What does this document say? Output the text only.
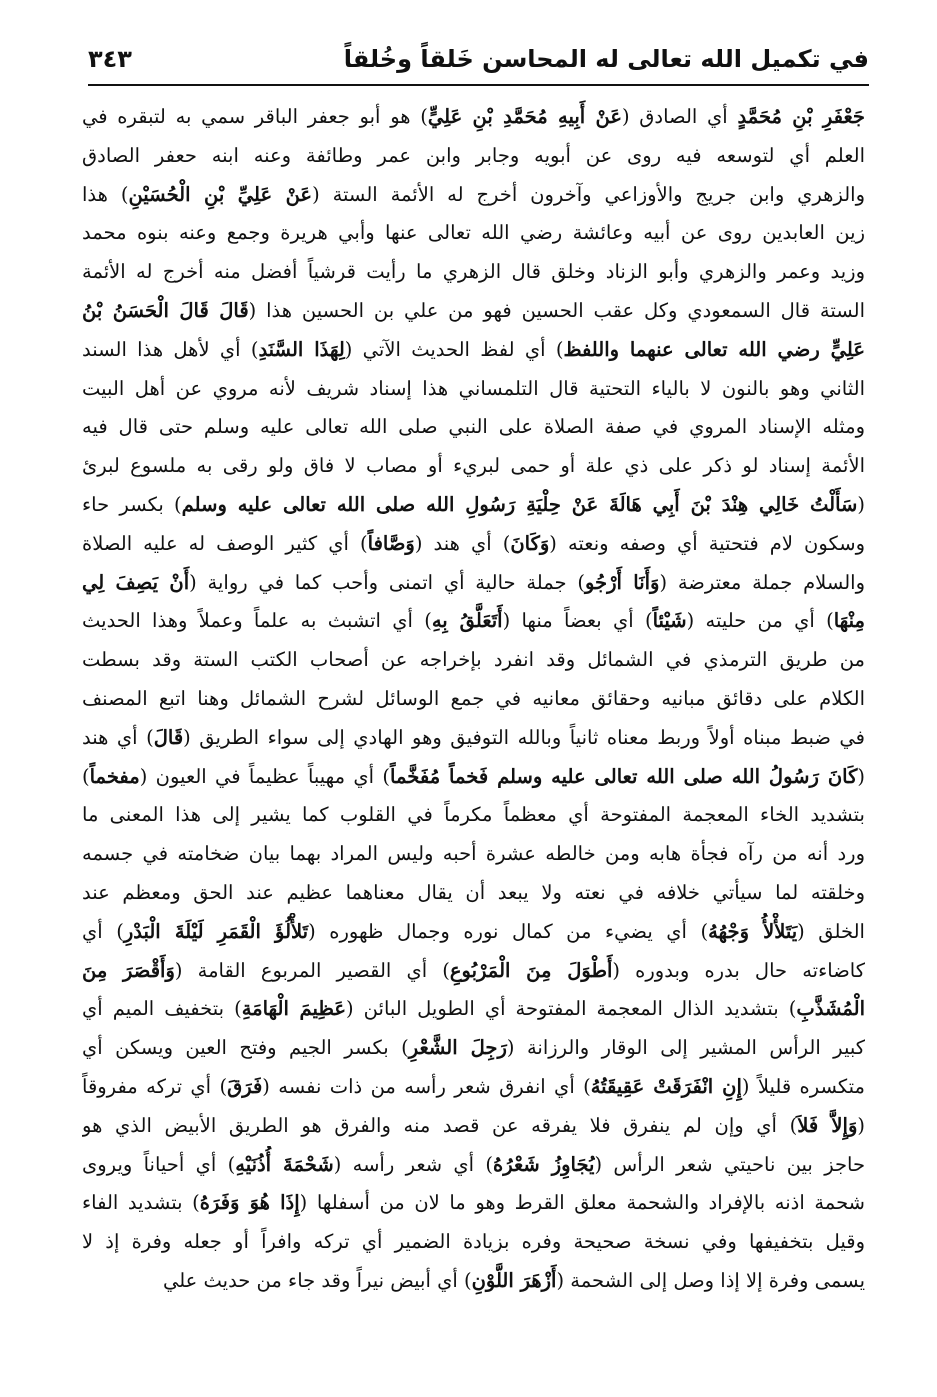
في تكميل الله تعالى له المحاسن خَلقاً وخُلقاً
٣٤٣
جَعْفَرِ بْنِ مُحَمَّدٍ أي الصادق (عَنْ أَبِيهِ مُحَمَّدِ بْنِ عَلِيٍّ) هو أبو جعفر الباقر سمي به لتبقره في
العلم أي لتوسعه فيه روى عن أبويه وجابر وابن عمر وطائفة وعنه ابنه حعفر الصادق
والزهري وابن جريج والأوزاعي وآخرون أخرج له الأئمة الستة (عَنْ عَلِيِّ بْنِ الْحُسَيْنِ) هذا
زين العابدين روى عن أبيه وعائشة رضي الله تعالى عنها وأبي هريرة وجمع وعنه بنوه محمد
وزيد وعمر والزهري وأبو الزناد وخلق قال الزهري ما رأيت قرشياً أفضل منه أخرج له الأئمة
الستة قال السمعودي وكل عقب الحسين فهو من علي بن الحسين هذا (قَالَ قَالَ الْحَسَنُ بْنُ
عَلِيٍّ رضي الله تعالى عنهما واللفظ) أي لفظ الحديث الآتي (لِهَذَا السَّنَدِ) أي لأهل هذا السند
الثاني وهو بالنون لا بالياء التحتية قال التلمساني هذا إسناد شريف لأنه مروي عن أهل البيت
ومثله الإسناد المروي في صفة الصلاة على النبي صلى الله تعالى عليه وسلم حتى قال فيه
الأئمة إسناد لو ذكر على ذي علة أو حمى لبريء أو مصاب لا فاق ولو رقى به ملسوع لبرئ
(سَأَلْتُ خَالِي هِنْدَ بْنَ أَبِي هَالَةَ عَنْ حِلْيَةِ رَسُولِ الله صلى الله تعالى عليه وسلم) بكسر حاء
وسكون لام فتحتية أي وصفه ونعته (وَكَانَ) أي هند (وَصَّافاً) أي كثير الوصف له عليه الصلاة
والسلام جملة معترضة (وَأَنَا أَرْجُو) جملة حالية أي اتمنى وأحب كما في رواية (أَنْ يَصِفَ لِي
مِنْهَا) أي من حليته (شَيْئاً) أي بعضاً منها (أَتَعَلَّقُ بِهِ) أي اتشبث به علماً وعملاً وهذا الحديث
من طريق الترمذي في الشمائل وقد انفرد بإخراجه عن أصحاب الكتب الستة وقد بسطت
الكلام على دقائق مبانيه وحقائق معانيه في جمع الوسائل لشرح الشمائل وهنا اتبع المصنف
في ضبط مبناه أولاً وربط معناه ثانياً وبالله التوفيق وهو الهادي إلى سواء الطريق (قَالَ) أي هند
(كَانَ رَسُولُ الله صلى الله تعالى عليه وسلم فَخماً مُفَخَّماً) أي مهيباً عظيماً في العيون (مفخماً)
بتشديد الخاء المعجمة المفتوحة أي معظماً مكرماً في القلوب كما يشير إلى هذا المعنى ما
ورد أنه من رآه فجأة هابه ومن خالطه عشرة أحبه وليس المراد بهما بيان ضخامته في جسمه
وخلقته لما سيأتي خلافه في نعته ولا يبعد أن يقال معناهما عظيم عند الحق ومعظم عند
الخلق (يَتَلأْلأُ وَجْهُهُ) أي يضيء من كمال نوره وجمال ظهوره (تَلأْلُؤَ الْقَمَرِ لَيْلَةَ الْبَدْرِ) أي
كاضاءته حال بدره وبدوره (أَطْوَلَ مِنَ الْمَرْبُوعِ) أي القصير المربوع القامة (وَأَقْصَرَ مِنَ
الْمُشَذَّبِ) بتشديد الذال المعجمة المفتوحة أي الطويل البائن (عَظِيمَ الْهَامَةِ) بتخفيف الميم أي
كبير الرأس المشير إلى الوقار والرزانة (رَجِلَ الشَّعْرِ) بكسر الجيم وفتح العين ويسكن أي
متكسره قليلاً (إِنِ انْفَرَقَتْ عَقِيقَتُهُ) أي انفرق شعر رأسه من ذات نفسه (فَرَقَ) أي تركه مفروقاً
(وَإِلاَّ فَلاَ) أي وإن لم ينفرق فلا يفرقه عن قصد منه والفرق هو الطريق الأبيض الذي هو
حاجز بين ناحيتي شعر الرأس (يُجَاوِزُ شَعْرُهُ) أي شعر رأسه (شَحْمَةَ أُذُنَيْهِ) أي أحياناً ويروى
شحمة اذنه بالإفراد والشحمة معلق القرط وهو ما لان من أسفلها (إِذَا هُوَ وَفَرَهُ) بتشديد الفاء
وقيل بتخفيفها وفي نسخة صحيحة وفره بزيادة الضمير أي تركه وافراً أو جعله وفرة إذ لا
يسمى وفرة إلا إذا وصل إلى الشحمة (أَزْهَرَ اللَّوْنِ) أي أبيض نيراً وقد جاء من حديث علي
